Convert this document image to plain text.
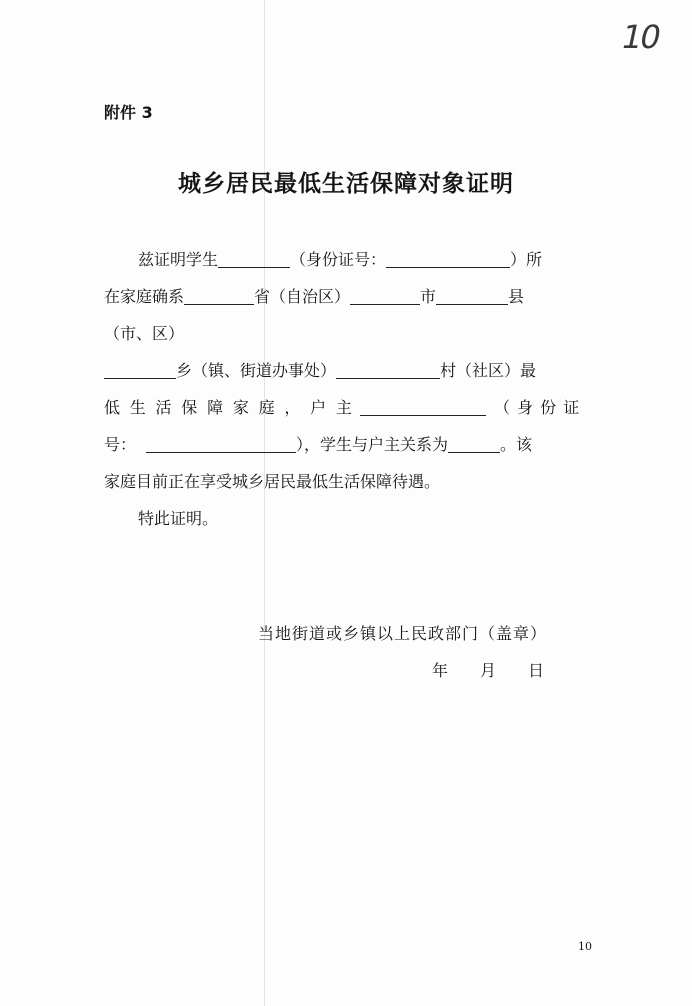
10
附件 3
城乡居民最低生活保障对象证明
兹证明学生	（身份证号：	）所
在家庭确系	省（自治区）	市	县
（市、区）
乡（镇、街道办事处）	村（社区）最
低 生 活 保 障 家 庭 ， 户 主	（ 身 份 证
号：	），学生与户主关系为	。该
家庭目前正在享受城乡居民最低生活保障待遇。
特此证明。
当地街道或乡镇以上民政部门（盖章）
年 月 日
10
